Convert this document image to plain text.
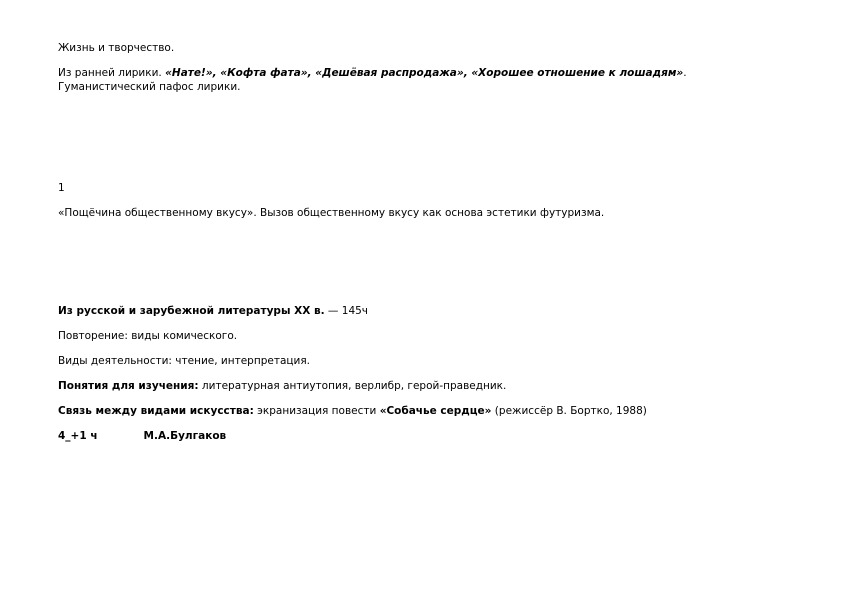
Жизнь и творчество.
Из ранней лирики. «Нате!», «Кофта фата», «Дешёвая распродажа», «Хорошее отношение к лошадям». Гуманистический пафос лирики.
1
«Пощёчина общественному вкусу». Вызов общественному вкусу как основа эстетики футуризма.
Из русской и зарубежной литературы XX в. — 145ч
Повторение: виды комического.
Виды деятельности: чтение, интерпретация.
Понятия для изучения: литературная антиутопия, верлибр, герой-праведник.
Связь между видами искусства: экранизация повести «Собачье сердце» (режиссёр В. Бортко, 1988)
4_+1 ч	М.А.Булгаков
